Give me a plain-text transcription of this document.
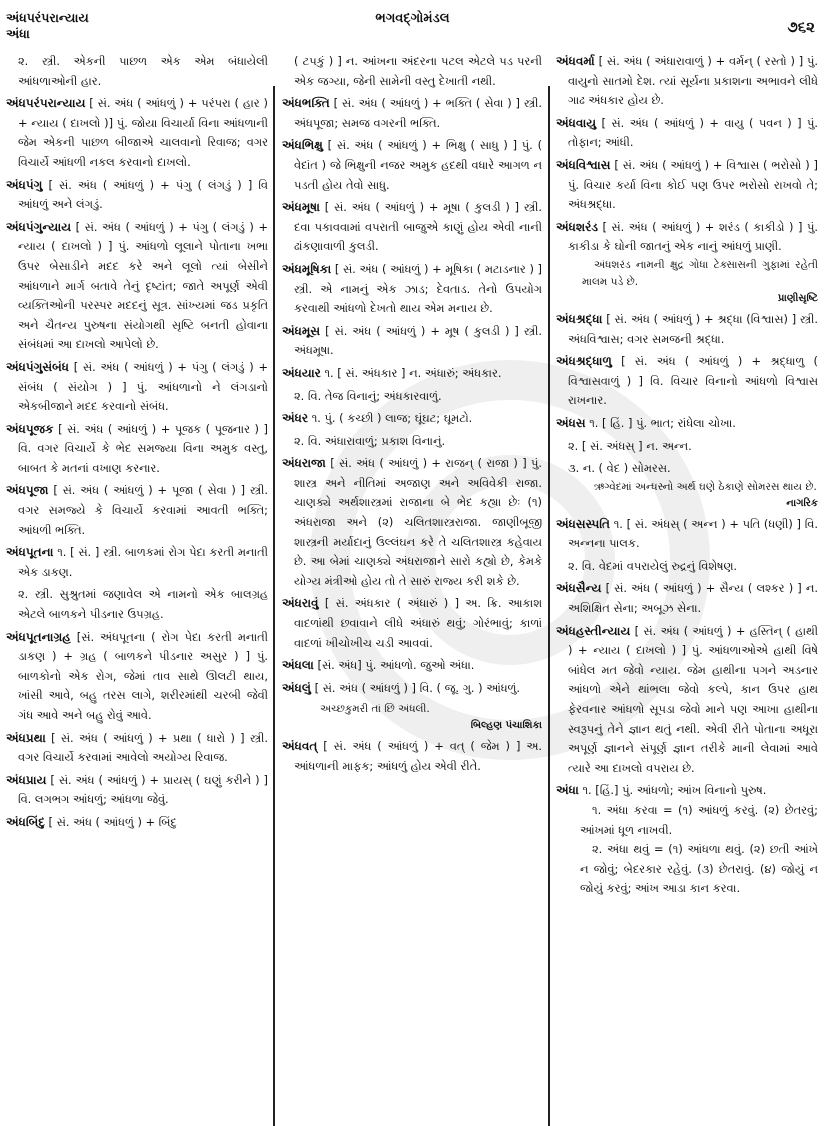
અંધપરંપરાન્યાય
અંધા
ભગવદ્ગોમંડલ	૭૬૨
૨. સ્ત્રી. એકની પાછળ એક એમ બંધાયેલી આંધળાઓની હાર.
અંધપરંપરાન્યાય [ સં. અંધ ( આંધળું ) + પરંપરા ( હાર ) + ન્યાય ( દાખલો )] પું. જોયા વિચાર્યા વિના આંધળાની જેમ એકની પાછળ બીજાએ ચાલવાનો રિવાજ; વગર વિચાર્યે આંધળી નકલ કરવાનો દાખલો.
અંધપંગુ [ સં. અંધ ( આંધળું ) + પંગુ ( લંગડું ) ] વિ આંધળું અને લંગડું.
અંધપંગુન્યાય [ સં. અંધ ( આંધળું ) + પંગુ ( લંગડું ) + ન્યાય ( દાખલો ) ] પું. આંધળો લૂલાને પોતાના ખભા ઉપર બેસાડીને મદદ કરે અને લૂલો ત્યાં બેસીને આંધળાને માર્ગ બતાવે તેનું દૃષ્ટાંત; જાતે અપૂર્ણ એવી વ્યક્તિઓની પરસ્પર મદદનું સૂત્ર. સાંખ્યમાં જડ પ્રકૃતિ અને ચૈતન્ય પુરુષના સંયોગથી સૃષ્ટિ બનતી હોવાના સંબંધમાં આ દાખલો આપેલો છે.
અંધપંગુસંબંધ [ સં. અંધ ( આંધળું ) + પંગુ ( લંગડું ) + સંબંધ ( સંયોગ ) ] પું. આંધળાનો ને લંગડાનો એકબીજાને મદદ કરવાનો સંબંધ.
અંધપૂજક [ સં. અંધ ( આંધળું ) + પૂજક ( પૂજનાર ) ] વિ. વગર વિચાર્યે કે ભેદ સમજ્યા વિના અમુક વસ્તુ, બાબત કે મતનાં વખાણ કરનાર.
અંધપૂજા [ સં. અંધ ( આંધળું ) + પૂજા ( સેવા ) ] સ્ત્રી. વગર સમજ્યે કે વિચાર્યે કરવામાં આવતી ભક્તિ; આંધળી ભક્તિ.
અંધપૂતના ૧. [ સં. ] સ્ત્રી. બાળકમાં રોગ પેદા કરતી મનાતી એક ડાકણ.
૨. સ્ત્રી. સુશ્રુતમાં જણાવેલ એ નામનો એક બાલગ્રહ એટલે બાળકને પીડનાર ઉપગ્રહ.
અંધપૂતનાગ્રહ [સં. અંધપૂતના ( રોગ પેદા કરતી મનાતી ડાકણ ) + ગ્રહ ( બાળકને પીડનાર અસુર ) ] પું. બાળકોનો એક રોગ, જેમાં તાવ સાથે ઊલટી થાય, ખાંસી આવે, બહુ તરસ લાગે, શરીરમાંથી ચરબી જેવી ગંધ આવે અને બહુ રોવું આવે.
અંધપ્રથા [ સં. અંધ ( આંધળું ) + પ્રથા ( ધારો ) ] સ્ત્રી. વગર વિચાર્યે કરવામાં આવેલો અયોગ્ય રિવાજ.
અંધપ્રાય [ સં. અંધ ( આંધળું ) + પ્રાયસ્ ( ઘણું કરીને ) ] વિ. લગભગ આંધળું; આંધળા જેવું.
અંધબિંદુ [ સં. અંધ ( આંધળું ) + બિંદુ
( ટપકું ) ] ન. આંખના અંદરના પટલ એટલે પડ પરની એક જગ્યા, જેની સામેની વસ્તુ દેખાતી નથી.
અંધભક્તિ [ સં. અંધ ( આંધળું ) + ભક્તિ ( સેવા ) ] સ્ત્રી. અંધપૂજા; સમજ વગરની ભક્તિ.
અંધભિક્ષુ [ સં. અંધ ( આંધળું ) + ભિક્ષુ ( સાધુ ) ] પું. ( વેદાંત ) જે ભિક્ષુની નજર અમુક હદથી વધારે આગળ ન પડતી હોય તેવો સાધુ.
અંધમૂષા [ સં. અંધ ( આંધળું ) + મૂષા ( કુલડી ) ] સ્ત્રી. દવા પકાવવામાં વપરાતી બાજુએ કાણું હોય એવી નાની ઢાંકણાવાળી કુલડી.
અંધમૂષિકા [ સં. અંધ ( આંધળું ) + મૂષિકા ( મટાડનાર ) ] સ્ત્રી. એ નામનું એક ઝાડ; દેવતાડ. તેનો ઉપયોગ કરવાથી આંધળો દેખતો થાય એમ મનાય છે.
અંધમૂસ [ સં. અંધ ( આંધળું ) + મૂષ ( કુલડી ) ] સ્ત્રી. અંધમૂષા.
અંધયાર ૧. [ સં. અંધકાર ] ન. અંધારું; અંધકાર.
૨. વિ. તેજ વિનાનું; અંધકારવાળું.
અંધર ૧. પું. ( કચ્છી ) લાજ; ઘૂંઘટ; ઘૂમટો.
૨. વિ. અંધારાવાળું; પ્રકાશ વિનાનું.
અંધરાજા [ સં. અંધ ( આંધળું ) + રાજન્ ( રાજા ) ] પું. શાસ્ત્ર અને નીતિમાં અજાણ અને અવિવેકી રાજા. ચાણક્યે અર્થશાસ્ત્રમાં રાજાના બે ભેદ કહ્યા છેઃ (૧) અંધરાજા અને (૨) ચલિતશાસ્ત્રરાજા. જાણીબૂજી શાસ્ત્રની મર્યાદાનું ઉલ્લંઘન કરે તે ચલિતશાસ્ત્ર કહેવાય છે. આ બેમાં ચાણક્યે અંધરાજાને સારો કહ્યો છે, કેમકે યોગ્ય મંત્રીઓ હોય તો તે સારું રાજ્ય કરી શકે છે.
અંધરાવું [ સં. અંધકાર ( અંધારું ) ] અ. ક્રિ. આકાશ વાદળાંથી છવાવાને લીધે અંધારું થવું; ગોરંભાવું; કાળાં વાદળાં ખીચોખીચ ચડી આવવાં.
અંધલા [સં. અંધ] પું. આંધળો. જુઓ અંધા.
અંધલું [ સં. અંધ ( આંધળું ) ] વિ. ( જૂ. ગુ. ) આંધળું.
અચ્છકુમરી તાં છિ અંધલી.
બિલ્હણ પંચાશિકા
અંધવત્ [ સં. અંધ ( આંધળું ) + વત્ ( જેમ ) ] અ. આંધળાની માફક; આંધળું હોય એવી રીતે.
અંધવર્મા [ સં. અંધ ( અંધારાવાળું ) + વર્મન્ ( રસ્તો ) ] પું. વાયુનો સાતમો દેશ. ત્યાં સૂર્યના પ્રકાશના અભાવને લીધે ગાઢ અંધકાર હોય છે.
અંધવાયુ [ સં. અંધ ( આંધળું ) + વાયુ ( પવન ) ] પું. તોફાન; આંધી.
અંધવિશ્વાસ [ સં. અંધ ( આંધળું ) + વિશ્વાસ ( ભરોસો ) ] પું. વિચાર કર્યા વિના કોઈ પણ ઉપર ભરોસો રાખવો તે; અંધશ્રદ્ધા.
અંધશરંડ [ સં. અંધ ( આંધળું ) + શરંડ ( કાકીડો ) ] પું. કાકીડા કે ઘોની જાતનું એક નાનું આંધળું પ્રાણી.
અંધશરંડ નામની ક્ષુદ્ર ગોધા ટેક્સાસની ગુફામાં રહેતી માલમ પડે છે.
પ્રાણીસૃષ્ટિ
અંધશ્રદ્ધા [ સં. અંધ ( આંધળું ) + શ્રદ્ધા (વિશ્વાસ) ] સ્ત્રી. અંધવિશ્વાસ; વગર સમજની શ્રદ્ધા.
અંધશ્રદ્ધાળુ [ સં. અંધ ( આંધળું ) + શ્રદ્ધાળુ ( વિશ્વાસવાળું ) ] વિ. વિચાર વિનાનો આંધળો વિશ્વાસ રાખનાર.
અંધસ ૧. [ હિં. ] પું. ભાત; રાંધેલા ચોખા.
૨. [ સં. અંધસ્ ] ન. અન્ન.
૩. ન. ( વેદ ) સોમરસ.
ઋગ્વેદમાં અન્ધસ્નો અર્થ ઘણે ઠેકાણે સોમરસ થાય છે.
નાગરિક
અંધસસ્પતિ ૧. [ સં. અંધસ્ ( અન્ન ) + પતિ (ધણી) ] વિ. અન્નના પાલક.
૨. વિ. વેદમાં વપરાયેલું રુદ્રનું વિશેષણ.
અંધસૈન્ય [ સં. અંધ ( આંધળું ) + સૈન્ય ( લશ્કર ) ] ન. અશિક્ષિત સેના; અબૂઝ સેના.
અંધહસ્તીન્યાય [ સં. અંધ ( આંધળું ) + હસ્તિન્ ( હાથી ) + ન્યાય ( દાખલો ) ] પું. આંધળાઓએ હાથી વિષે બાંધેલ મત જેવો ન્યાય. જેમ હાથીના પગને અડનાર આંધળો એને થાંભલા જેવો કલ્પે, કાન ઉપર હાથ ફેરવનાર આંધળો સૂપડા જેવો માને પણ આખા હાથીના સ્વરૂપનું તેને જ્ઞાન થતું નથી. એવી રીતે પોતાના અધૂરા અપૂર્ણ જ્ઞાનને સંપૂર્ણ જ્ઞાન તરીકે માની લેવામાં આવે ત્યારે આ દાખલો વપરાય છે.
અંધા ૧. [હિં.] પું. આંધળો; આંખ વિનાનો પુરુષ.
૧. અંધા કરવા = (૧) આંધળું કરવું. (૨) છેતરવું; આંખમાં ધૂળ નાખવી.
૨. અંધા થવું = (૧) આંધળા થવું. (૨) છતી આંખે ન જોવું; બેદરકાર રહેવું. (૩) છેતરાવું. (૪) જોયું ન જોયું કરવું; આંખ આડા કાન કરવા.
